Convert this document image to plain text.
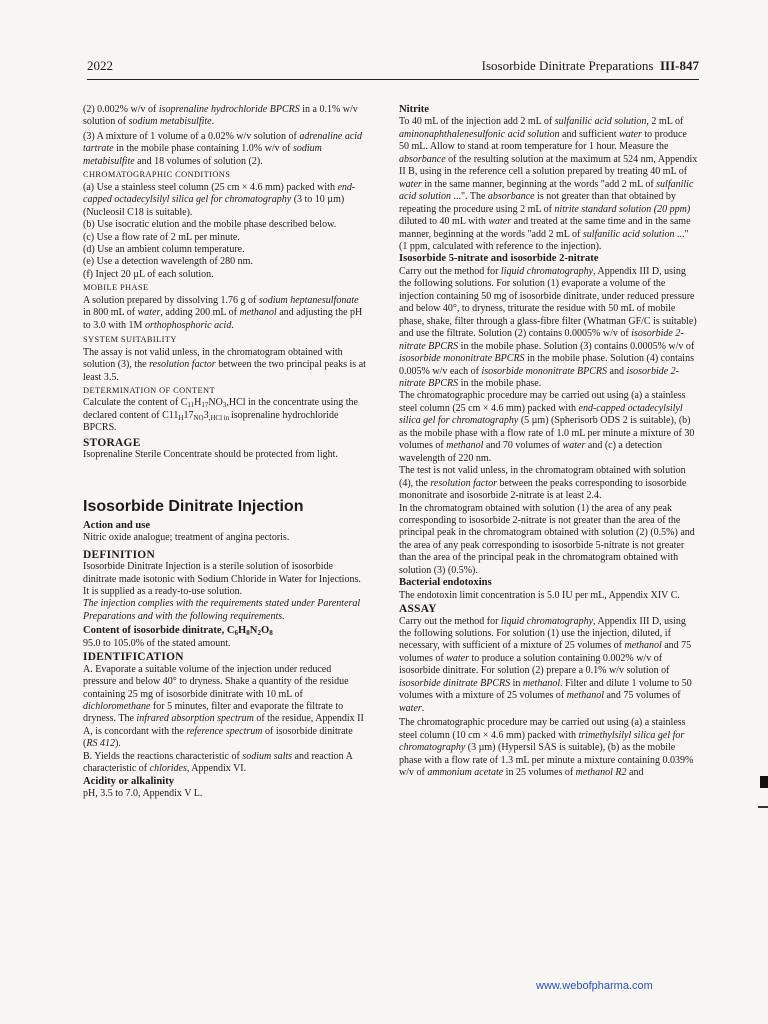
2022	Isosorbide Dinitrate Preparations III-847

(2) 0.002% w/v of isoprenaline hydrochloride BPCRS in a 0.1% w/v solution of sodium metabisulfite.

(3) A mixture of 1 volume of a 0.02% w/v solution of adrenaline acid tartrate in the mobile phase containing 1.0% w/v of sodium metabisulfite and 18 volumes of solution (2).

CHROMATOGRAPHIC CONDITIONS

(a) Use a stainless steel column (25 cm × 4.6 mm) packed with end-capped octadecylsilyl silica gel for chromatography (3 to 10 µm) (Nucleosil C18 is suitable).

(b) Use isocratic elution and the mobile phase described below.

(c) Use a flow rate of 2 mL per minute.

(d) Use an ambient column temperature.

(e) Use a detection wavelength of 280 nm.

(f) Inject 20 µL of each solution.

MOBILE PHASE

A solution prepared by dissolving 1.76 g of sodium heptanesulfonate in 800 mL of water, adding 200 mL of methanol and adjusting the pH to 3.0 with 1M orthophosphoric acid.

SYSTEM SUITABILITY

The assay is not valid unless, in the chromatogram obtained with solution (3), the resolution factor between the two principal peaks is at least 3.5.

DETERMINATION OF CONTENT

Calculate the content of $C_{11}H_{17}NO_3,HCl$ in the concentrate using the declared content of $C11_H17_{NO}3_{,HCl in}$ isoprenaline hydrochloride BPCRS.

STORAGE

Isoprenaline Sterile Concentrate should be protected from light.

Isosorbide Dinitrate Injection

Action and use

Nitric oxide analogue; treatment of angina pectoris.

DEFINITION

Isosorbide Dinitrate Injection is a sterile solution of isosorbide dinitrate made isotonic with Sodium Chloride in Water for Injections. It is supplied as a ready-to-use solution.

The injection complies with the requirements stated under Parenteral Preparations and with the following requirements.

Content of isosorbide dinitrate, $C_6H_8N_2O_8$

95.0 to 105.0% of the stated amount.

IDENTIFICATION

A. Evaporate a suitable volume of the injection under reduced pressure and below 40° to dryness. Shake a quantity of the residue containing 25 mg of isosorbide dinitrate with 10 mL of dichloromethane for 5 minutes, filter and evaporate the filtrate to dryness. The infrared absorption spectrum of the residue, Appendix II A, is concordant with the reference spectrum of isosorbide dinitrate (RS 412).

B. Yields the reactions characteristic of sodium salts and reaction A characteristic of chlorides, Appendix VI.

Acidity or alkalinity

pH, 3.5 to 7.0, Appendix V L.

Nitrite

To 40 mL of the injection add 2 mL of sulfanilic acid solution, 2 mL of aminonaphthalenesulfonic acid solution and sufficient water to produce 50 mL. Allow to stand at room temperature for 1 hour. Measure the absorbance of the resulting solution at the maximum at 524 nm, Appendix II B, using in the reference cell a solution prepared by treating 40 mL of water in the same manner, beginning at the words "add 2 mL of sulfanilic acid solution ...". The absorbance is not greater than that obtained by repeating the procedure using 2 mL of nitrite standard solution (20 ppm) diluted to 40 mL with water and treated at the same time and in the same manner, beginning at the words "add 2 mL of sulfanilic acid solution ..." (1 ppm, calculated with reference to the injection).

Isosorbide 5-nitrate and isosorbide 2-nitrate

Carry out the method for liquid chromatography, Appendix III D, using the following solutions. For solution (1) evaporate a volume of the injection containing 50 mg of isosorbide dinitrate, under reduced pressure and below 40°, to dryness, triturate the residue with 50 mL of mobile phase, shake, filter through a glass-fibre filter (Whatman GF/C is suitable) and use the filtrate. Solution (2) contains 0.0005% w/v of isosorbide 2-nitrate BPCRS in the mobile phase. Solution (3) contains 0.0005% w/v of isosorbide mononitrate BPCRS in the mobile phase. Solution (4) contains 0.005% w/v each of isosorbide mononitrate BPCRS and isosorbide 2-nitrate BPCRS in the mobile phase.

The chromatographic procedure may be carried out using (a) a stainless steel column (25 cm × 4.6 mm) packed with end-capped octadecylsilyl silica gel for chromatography (5 µm) (Spherisorb ODS 2 is suitable), (b) as the mobile phase with a flow rate of 1.0 mL per minute a mixture of 30 volumes of methanol and 70 volumes of water and (c) a detection wavelength of 220 nm.

The test is not valid unless, in the chromatogram obtained with solution (4), the resolution factor between the peaks corresponding to isosorbide mononitrate and isosorbide 2-nitrate is at least 2.4.

In the chromatogram obtained with solution (1) the area of any peak corresponding to isosorbide 2-nitrate is not greater than the area of the principal peak in the chromatogram obtained with solution (2) (0.5%) and the area of any peak corresponding to isosorbide 5-nitrate is not greater than the area of the principal peak in the chromatogram obtained with solution (3) (0.5%).

Bacterial endotoxins

The endotoxin limit concentration is 5.0 IU per mL, Appendix XIV C.

ASSAY

Carry out the method for liquid chromatography, Appendix III D, using the following solutions. For solution (1) use the injection, diluted, if necessary, with sufficient of a mixture of 25 volumes of methanol and 75 volumes of water to produce a solution containing 0.002% w/v of isosorbide dinitrate. For solution (2) prepare a 0.1% w/v solution of isosorbide dinitrate BPCRS in methanol. Filter and dilute 1 volume to 50 volumes with a mixture of 25 volumes of methanol and 75 volumes of water.

The chromatographic procedure may be carried out using (a) a stainless steel column (10 cm × 4.6 mm) packed with trimethylsilyl silica gel for chromatography (3 µm) (Hypersil SAS is suitable), (b) as the mobile phase with a flow rate of 1.3 mL per minute a mixture containing 0.039% w/v of ammonium acetate in 25 volumes of methanol R2 and

www.webofpharma.com
